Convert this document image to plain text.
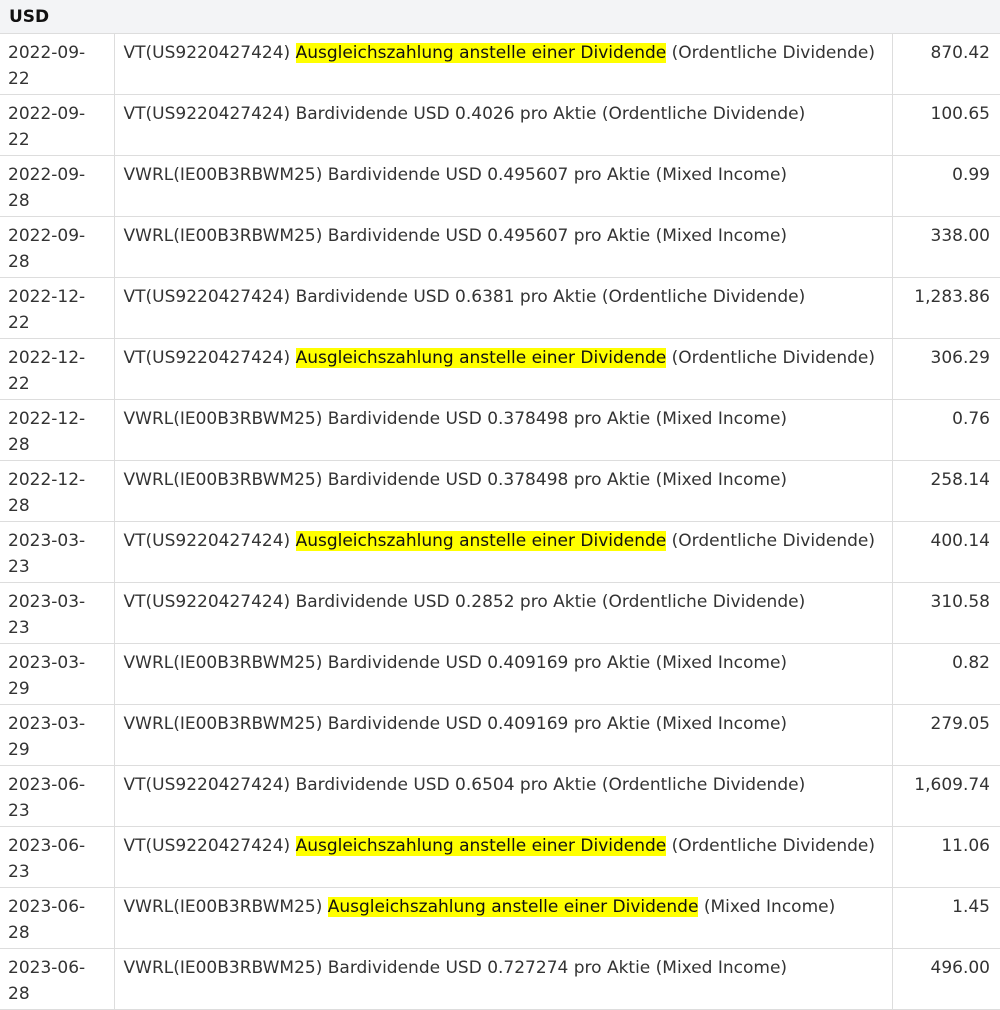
USD
2022-09-22	VT(US9220427424) Ausgleichszahlung anstelle einer Dividende (Ordentliche Dividende)	870.42
2022-09-22	VT(US9220427424) Bardividende USD 0.4026 pro Aktie (Ordentliche Dividende)	100.65
2022-09-28	VWRL(IE00B3RBWM25) Bardividende USD 0.495607 pro Aktie (Mixed Income)	0.99
2022-09-28	VWRL(IE00B3RBWM25) Bardividende USD 0.495607 pro Aktie (Mixed Income)	338.00
2022-12-22	VT(US9220427424) Bardividende USD 0.6381 pro Aktie (Ordentliche Dividende)	1,283.86
2022-12-22	VT(US9220427424) Ausgleichszahlung anstelle einer Dividende (Ordentliche Dividende)	306.29
2022-12-28	VWRL(IE00B3RBWM25) Bardividende USD 0.378498 pro Aktie (Mixed Income)	0.76
2022-12-28	VWRL(IE00B3RBWM25) Bardividende USD 0.378498 pro Aktie (Mixed Income)	258.14
2023-03-23	VT(US9220427424) Ausgleichszahlung anstelle einer Dividende (Ordentliche Dividende)	400.14
2023-03-23	VT(US9220427424) Bardividende USD 0.2852 pro Aktie (Ordentliche Dividende)	310.58
2023-03-29	VWRL(IE00B3RBWM25) Bardividende USD 0.409169 pro Aktie (Mixed Income)	0.82
2023-03-29	VWRL(IE00B3RBWM25) Bardividende USD 0.409169 pro Aktie (Mixed Income)	279.05
2023-06-23	VT(US9220427424) Bardividende USD 0.6504 pro Aktie (Ordentliche Dividende)	1,609.74
2023-06-23	VT(US9220427424) Ausgleichszahlung anstelle einer Dividende (Ordentliche Dividende)	11.06
2023-06-28	VWRL(IE00B3RBWM25) Ausgleichszahlung anstelle einer Dividende (Mixed Income)	1.45
2023-06-28	VWRL(IE00B3RBWM25) Bardividende USD 0.727274 pro Aktie (Mixed Income)	496.00
